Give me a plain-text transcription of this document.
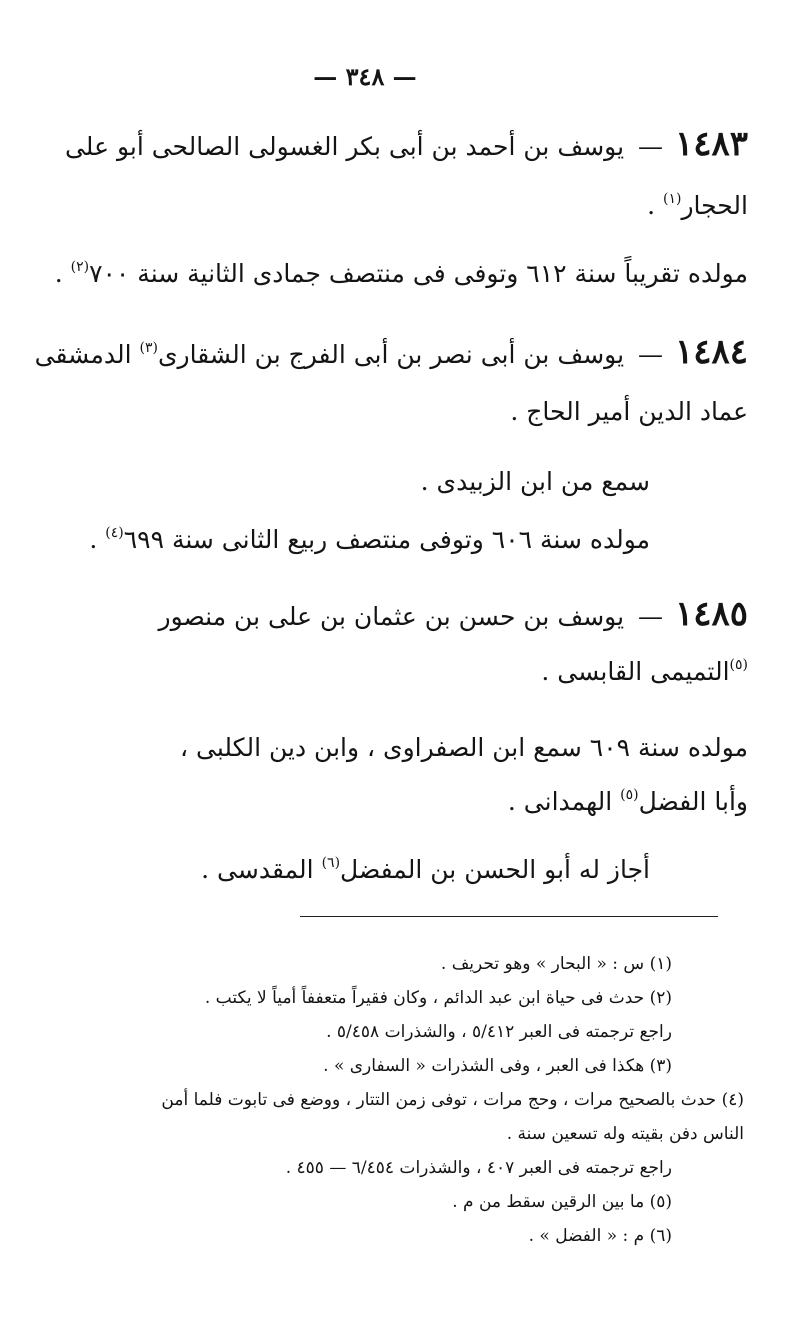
— ٣٤٨ —
١٤٨٣ — يوسف بن أحمد بن أبى بكر الغسولى الصالحى أبو على
الحجار$^{(١)}$ .
مولده تقريباً سنة ٦١٢ وتوفى فى منتصف جمادى الثانية سنة ٧٠٠$^{(٢)}$ .
١٤٨٤ — يوسف بن أبى نصر بن أبى الفرج بن الشقارى$^{(٣)}$ الدمشقى
عماد الدين أمير الحاج .
سمع من ابن الزبيدى .
مولده سنة ٦٠٦ وتوفى منتصف ربيع الثانى سنة ٦٩٩$^{(٤)}$ .
١٤٨٥ — يوسف بن حسن بن عثمان بن على بن منصور
$^{(٥)}$التميمى القابسى .
مولده سنة ٦٠٩ سمع ابن الصفراوى ، وابن دين الكلبى ،
وأبا الفضل$^{(٥)}$ الهمدانى .
أجاز له أبو الحسن بن المفضل$^{(٦)}$ المقدسى .
(١) س : « البحار » وهو تحريف .
(٢) حدث فى حياة ابن عبد الدائم ، وكان فقيراً متعففاً أمياً لا يكتب .
راجع ترجمته فى العبر ٥/٤١٢ ، والشذرات ٥/٤٥٨ .
(٣) هكذا فى العبر ، وفى الشذرات « السفارى » .
(٤) حدث بالصحيح مرات ، وحج مرات ، توفى زمن التتار ، ووضع فى تابوت فلما أمن
الناس دفن بقيته وله تسعين سنة .
راجع ترجمته فى العبر ٤٠٧ ، والشذرات ٦/٤٥٤ — ٤٥٥ .
(٥) ما بين الرقين سقط من م .
(٦) م : « الفضل » .
